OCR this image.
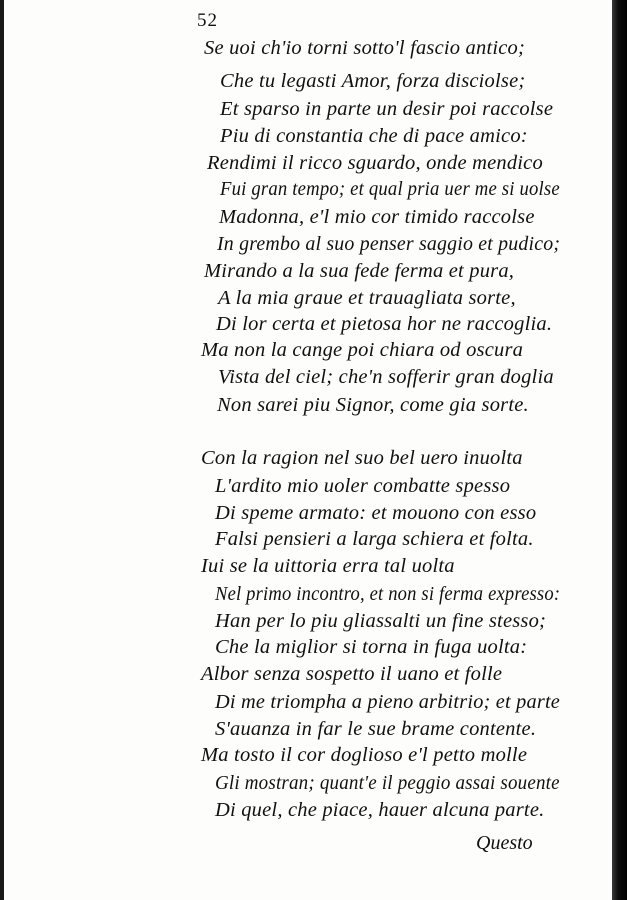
52
Se uoi ch'io torni sotto'l fascio antico;
Che tu legasti Amor, forza disciolse;
Et sparso in parte un desir poi raccolse
Piu di constantia che di pace amico:
Rendimi il ricco sguardo, onde mendico
Fui gran tempo; et qual pria uer me si uolse
Madonna, e'l mio cor timido raccolse
In grembo al suo penser saggio et pudico;
Mirando a la sua fede ferma et pura,
A la mia graue et trauagliata sorte,
Di lor certa et pietosa hor ne raccoglia.
Ma non la cange poi chiara od oscura
Vista del ciel; che'n sofferir gran doglia
Non sarei piu Signor, come gia sorte.
Con la ragion nel suo bel uero inuolta
L'ardito mio uoler combatte spesso
Di speme armato: et mouono con esso
Falsi pensieri a larga schiera et folta.
Iui se la uittoria erra tal uolta
Nel primo incontro, et non si ferma expresso:
Han per lo piu gliassalti un fine stesso;
Che la miglior si torna in fuga uolta:
Albor senza sospetto il uano et folle
Di me triompha a pieno arbitrio; et parte
S'auanza in far le sue brame contente.
Ma tosto il cor doglioso e'l petto molle
Gli mostran; quant'e il peggio assai souente
Di quel, che piace, hauer alcuna parte.
Questo
